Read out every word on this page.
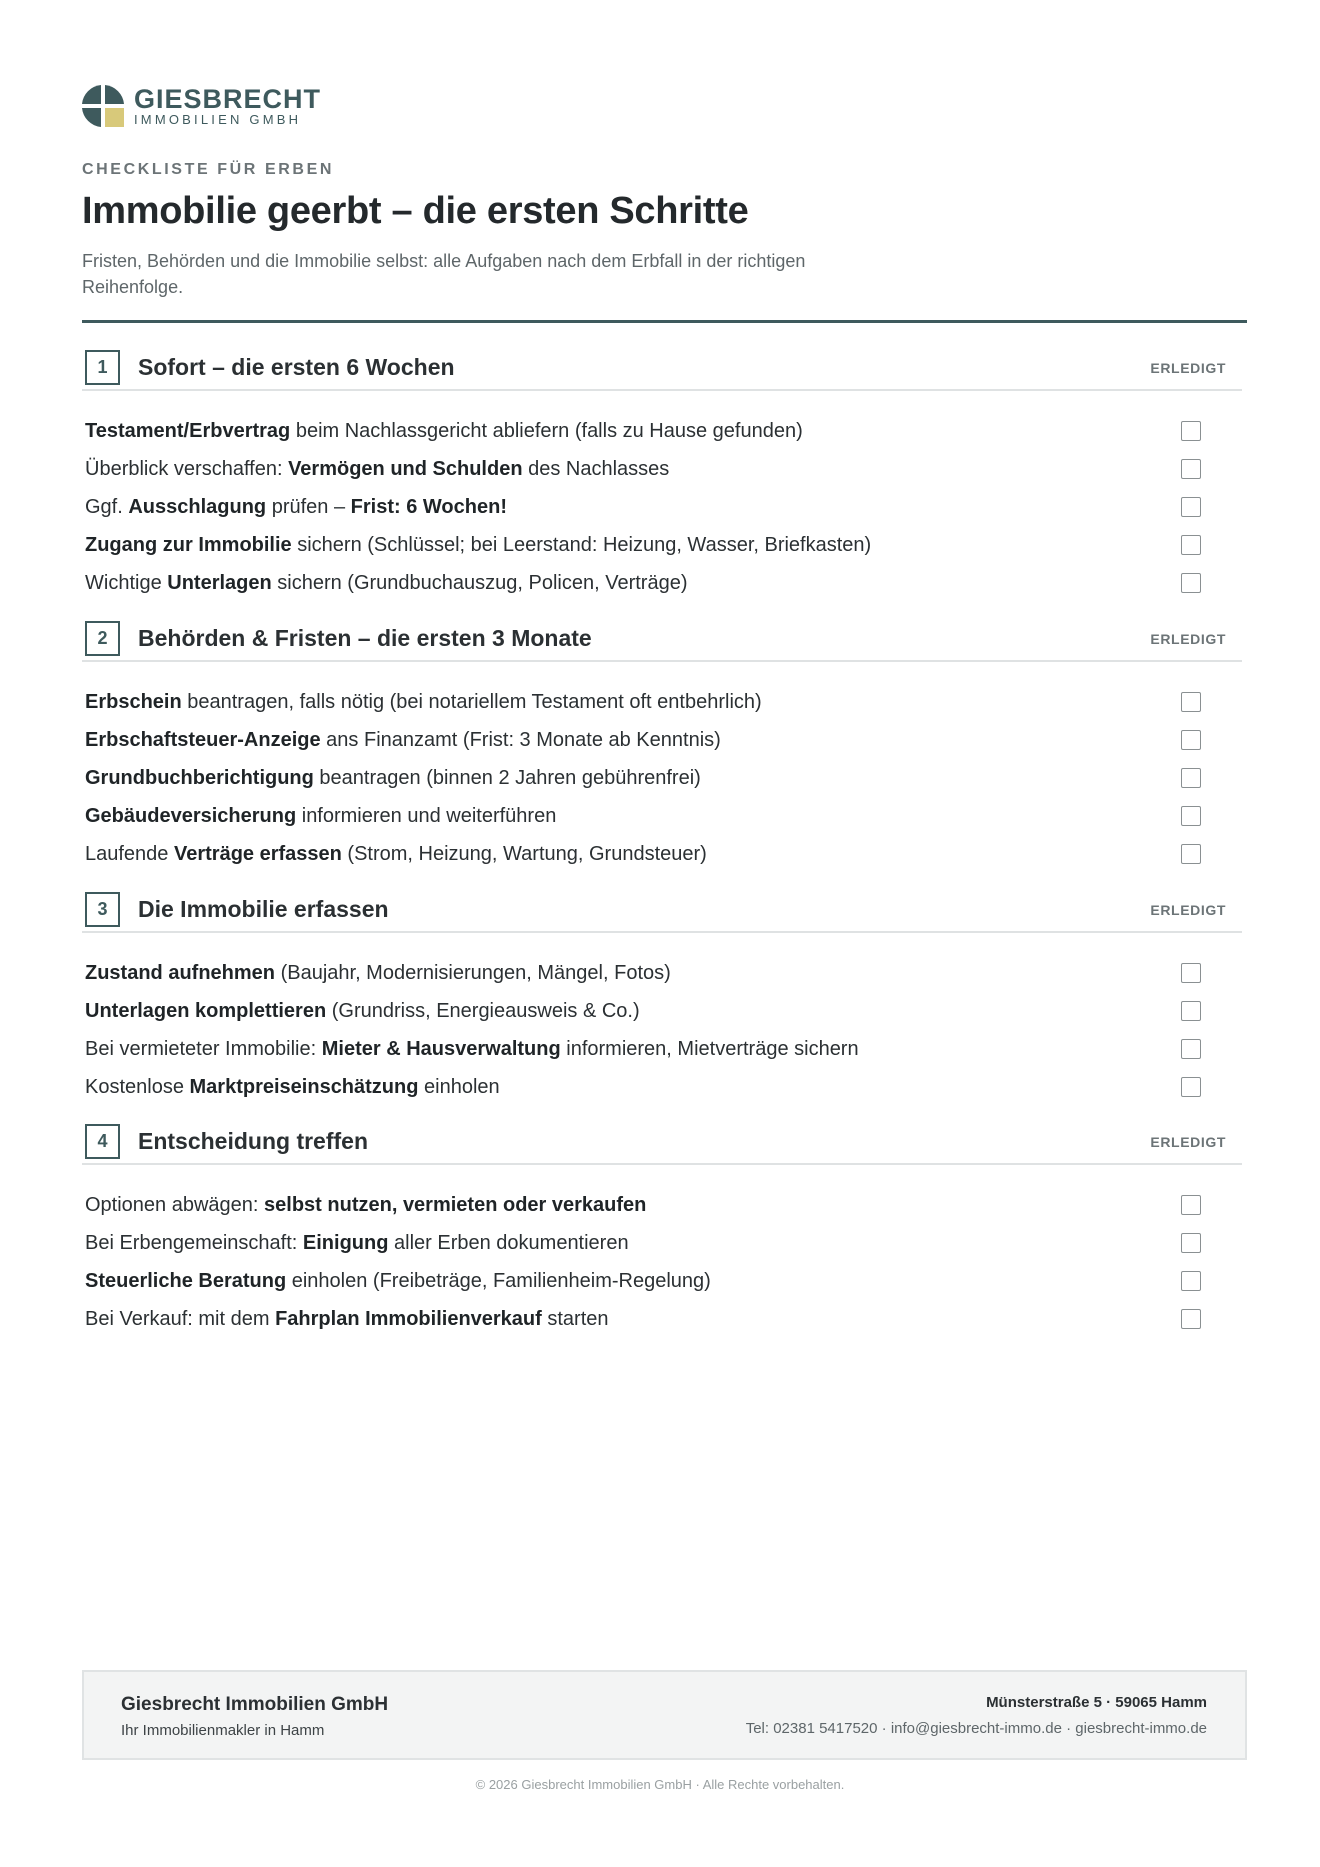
GIESBRECHT
IMMOBILIEN GMBH
CHECKLISTE FÜR ERBEN
Immobilie geerbt – die ersten Schritte

Fristen, Behörden und die Immobilie selbst: alle Aufgaben nach dem Erbfall in der richtigen Reihenfolge.

1	Sofort – die ersten 6 Wochen	ERLEDIGT
Testament/Erbvertrag beim Nachlassgericht abliefern (falls zu Hause gefunden)
Überblick verschaffen: Vermögen und Schulden des Nachlasses
Ggf. Ausschlagung prüfen – Frist: 6 Wochen!
Zugang zur Immobilie sichern (Schlüssel; bei Leerstand: Heizung, Wasser, Briefkasten)
Wichtige Unterlagen sichern (Grundbuchauszug, Policen, Verträge)
2	Behörden & Fristen – die ersten 3 Monate	ERLEDIGT
Erbschein beantragen, falls nötig (bei notariellem Testament oft entbehrlich)
Erbschaftsteuer-Anzeige ans Finanzamt (Frist: 3 Monate ab Kenntnis)
Grundbuchberichtigung beantragen (binnen 2 Jahren gebührenfrei)
Gebäudeversicherung informieren und weiterführen
Laufende Verträge erfassen (Strom, Heizung, Wartung, Grundsteuer)
3	Die Immobilie erfassen	ERLEDIGT
Zustand aufnehmen (Baujahr, Modernisierungen, Mängel, Fotos)
Unterlagen komplettieren (Grundriss, Energieausweis & Co.)
Bei vermieteter Immobilie: Mieter & Hausverwaltung informieren, Mietverträge sichern
Kostenlose Marktpreiseinschätzung einholen
4	Entscheidung treffen	ERLEDIGT
Optionen abwägen: selbst nutzen, vermieten oder verkaufen
Bei Erbengemeinschaft: Einigung aller Erben dokumentieren
Steuerliche Beratung einholen (Freibeträge, Familienheim-Regelung)
Bei Verkauf: mit dem Fahrplan Immobilienverkauf starten
Giesbrecht Immobilien GmbH
Ihr Immobilienmakler in Hamm
Münsterstraße 5 · 59065 Hamm
Tel: 02381 5417520 · info@giesbrecht-immo.de · giesbrecht-immo.de
© 2026 Giesbrecht Immobilien GmbH · Alle Rechte vorbehalten.
